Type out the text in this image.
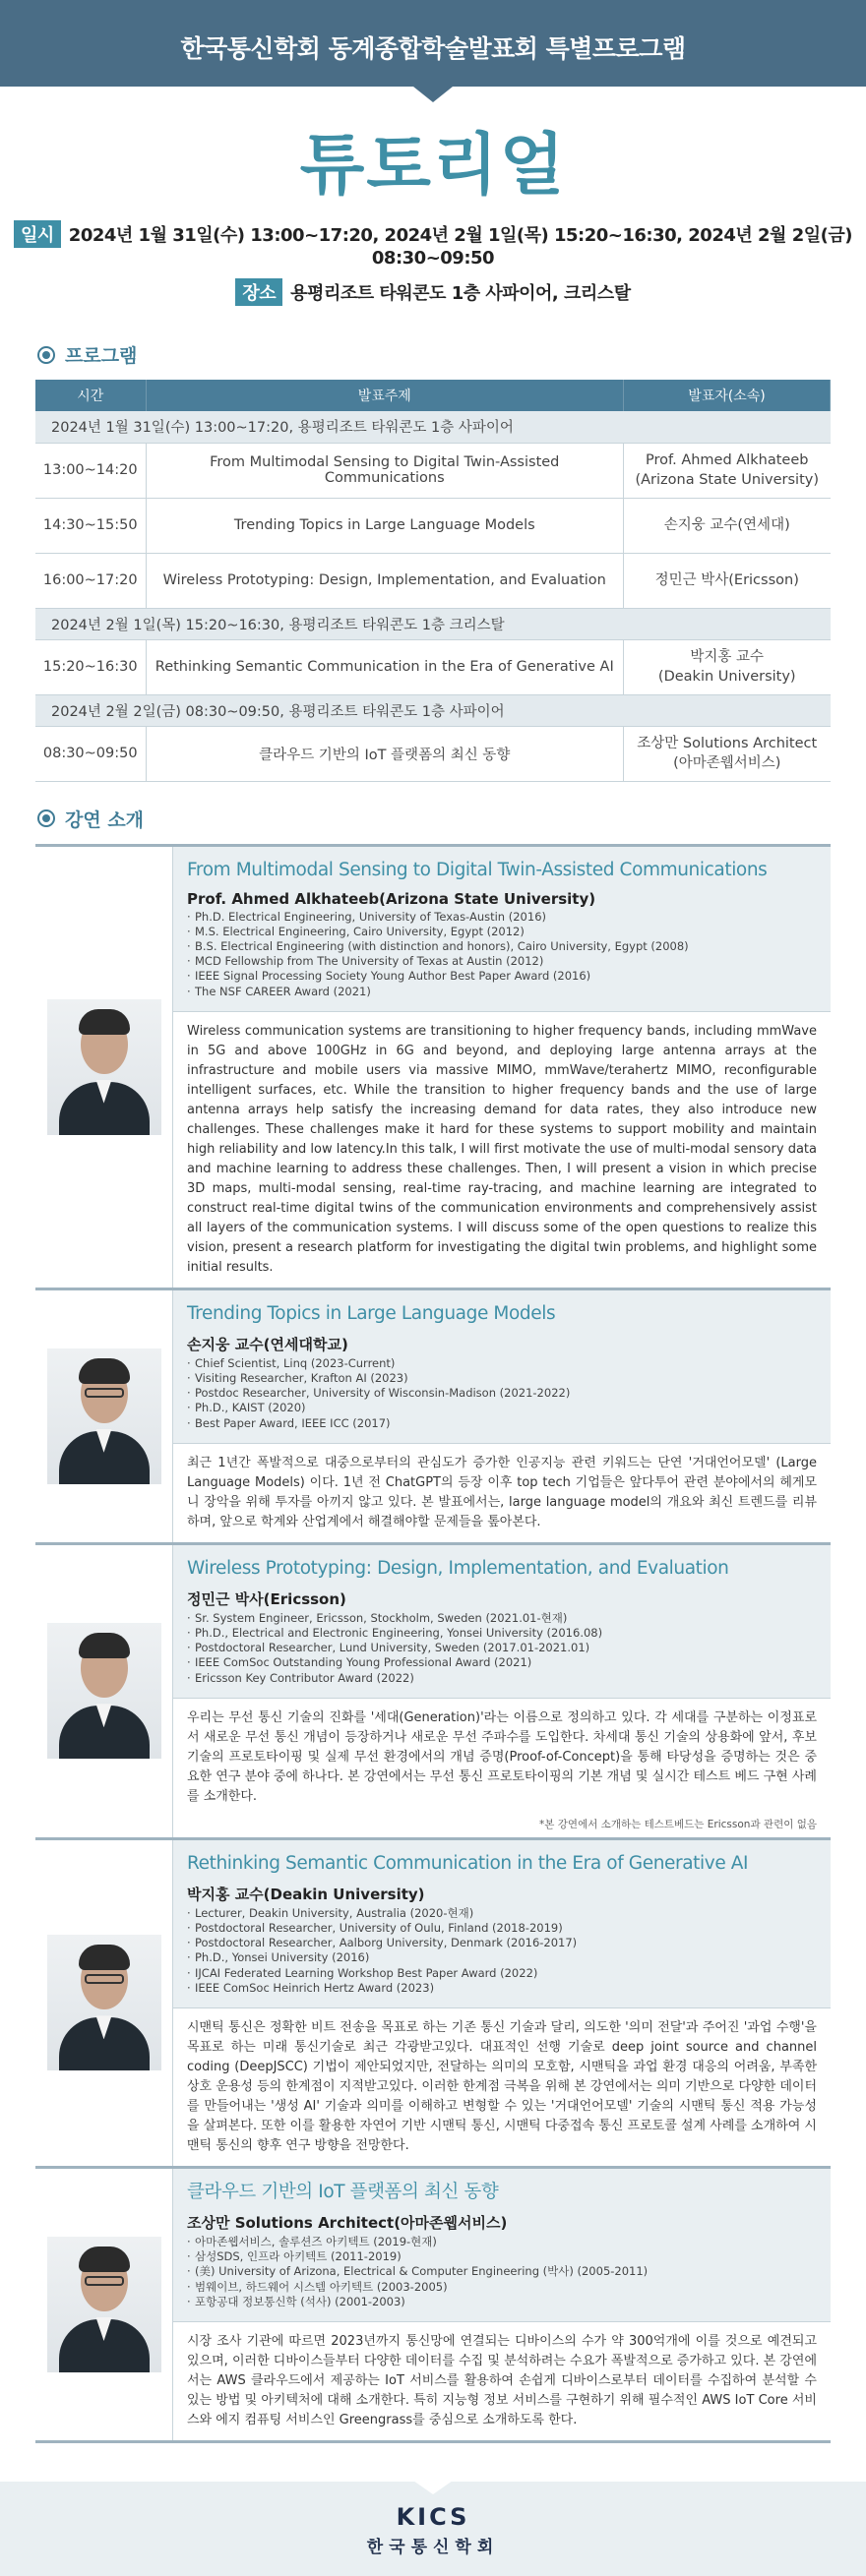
한국통신학회 동계종합학술발표회 특별프로그램
튜토리얼
일시 2024년 1월 31일(수) 13:00~17:20, 2024년 2월 1일(목) 15:20~16:30, 2024년 2월 2일(금) 08:30~09:50
장소 용평리조트 타워콘도 1층 사파이어, 크리스탈
프로그램
시간	발표주제	발표자(소속)
2024년 1월 31일(수) 13:00~17:20, 용평리조트 타워콘도 1층 사파이어		
13:00~14:20	From Multimodal Sensing to Digital Twin-Assisted Communications	Prof. Ahmed Alkhateeb
(Arizona State University)

14:30~15:50	Trending Topics in Large Language Models	손지웅 교수(연세대)

16:00~17:20	Wireless Prototyping: Design, Implementation, and Evaluation	정민근 박사(Ericsson)

2024년 2월 1일(목) 15:20~16:30, 용평리조트 타워콘도 1층 크리스탈		
15:20~16:30	Rethinking Semantic Communication in the Era of Generative AI	박지홍 교수
(Deakin University)

2024년 2월 2일(금) 08:30~09:50, 용평리조트 타워콘도 1층 사파이어		
08:30~09:50	클라우드 기반의 IoT 플랫폼의 최신 동향	조상만 Solutions Architect
(아마존웹서비스)
강연 소개
From Multimodal Sensing to Digital Twin-Assisted Communications
Prof. Ahmed Alkhateeb(Arizona State University)
· Ph.D. Electrical Engineering, University of Texas-Austin (2016)
· M.S. Electrical Engineering, Cairo University, Egypt (2012)
· B.S. Electrical Engineering (with distinction and honors), Cairo University, Egypt (2008)
· MCD Fellowship from The University of Texas at Austin (2012)
· IEEE Signal Processing Society Young Author Best Paper Award (2016)
· The NSF CAREER Award (2021)
Wireless communication systems are transitioning to higher frequency bands, including mmWave in 5G and above 100GHz in 6G and beyond, and deploying large antenna arrays at the infrastructure and mobile users via massive MIMO, mmWave/terahertz MIMO, reconfigurable intelligent surfaces, etc. While the transition to higher frequency bands and the use of large antenna arrays help satisfy the increasing demand for data rates, they also introduce new challenges. These challenges make it hard for these systems to support mobility and maintain high reliability and low latency.In this talk, I will first motivate the use of multi-modal sensory data and machine learning to address these challenges. Then, I will present a vision in which precise 3D maps, multi-modal sensing, real-time ray-tracing, and machine learning are integrated to construct real-time digital twins of the communication environments and comprehensively assist all layers of the communication systems. I will discuss some of the open questions to realize this vision, present a research platform for investigating the digital twin problems, and highlight some initial results.
Trending Topics in Large Language Models
손지웅 교수(연세대학교)
· Chief Scientist, Linq (2023-Current)
· Visiting Researcher, Krafton AI (2023)
· Postdoc Researcher, University of Wisconsin-Madison (2021-2022)
· Ph.D., KAIST (2020)
· Best Paper Award, IEEE ICC (2017)
최근 1년간 폭발적으로 대중으로부터의 관심도가 증가한 인공지능 관련 키워드는 단연 '거대언어모델' (Large Language Models) 이다. 1년 전 ChatGPT의 등장 이후 top tech 기업들은 앞다투어 관련 분야에서의 헤게모니 장악을 위해 투자를 아끼지 않고 있다. 본 발표에서는, large language model의 개요와 최신 트렌드를 리뷰하며, 앞으로 학계와 산업계에서 해결해야할 문제들을 톺아본다.
Wireless Prototyping: Design, Implementation, and Evaluation
정민근 박사(Ericsson)
· Sr. System Engineer, Ericsson, Stockholm, Sweden (2021.01-현재)
· Ph.D., Electrical and Electronic Engineering, Yonsei University (2016.08)
· Postdoctoral Researcher, Lund University, Sweden (2017.01-2021.01)
· IEEE ComSoc Outstanding Young Professional Award (2021)
· Ericsson Key Contributor Award (2022)
우리는 무선 통신 기술의 진화를 '세대(Generation)'라는 이름으로 정의하고 있다. 각 세대를 구분하는 이정표로서 새로운 무선 통신 개념이 등장하거나 새로운 무선 주파수를 도입한다. 차세대 통신 기술의 상용화에 앞서, 후보 기술의 프로토타이핑 및 실제 무선 환경에서의 개념 증명(Proof-of-Concept)을 통해 타당성을 증명하는 것은 중요한 연구 분야 중에 하나다. 본 강연에서는 무선 통신 프로토타이핑의 기본 개념 및 실시간 테스트 베드 구현 사례를 소개한다.
*본 강연에서 소개하는 테스트베드는 Ericsson과 관련이 없음
Rethinking Semantic Communication in the Era of Generative AI
박지홍 교수(Deakin University)
· Lecturer, Deakin University, Australia (2020-현재)
· Postdoctoral Researcher, University of Oulu, Finland (2018-2019)
· Postdoctoral Researcher, Aalborg University, Denmark (2016-2017)
· Ph.D., Yonsei University (2016)
· IJCAI Federated Learning Workshop Best Paper Award (2022)
· IEEE ComSoc Heinrich Hertz Award (2023)
시맨틱 통신은 정확한 비트 전송을 목표로 하는 기존 통신 기술과 달리, 의도한 '의미 전달'과 주어진 '과업 수행'을 목표로 하는 미래 통신기술로 최근 각광받고있다. 대표적인 선행 기술로 deep joint source and channel coding (DeepJSCC) 기법이 제안되었지만, 전달하는 의미의 모호함, 시맨틱을 과업 환경 대응의 어려움, 부족한 상호 운용성 등의 한계점이 지적받고있다. 이러한 한계점 극복을 위해 본 강연에서는 의미 기반으로 다양한 데이터를 만들어내는 '생성 AI' 기술과 의미를 이해하고 변형할 수 있는 '거대언어모델' 기술의 시맨틱 통신 적용 가능성을 살펴본다. 또한 이를 활용한 자연어 기반 시맨틱 통신, 시맨틱 다중접속 통신 프로토콜 설계 사례를 소개하여 시맨틱 통신의 향후 연구 방향을 전망한다.
클라우드 기반의 IoT 플랫폼의 최신 동향
조상만 Solutions Architect(아마존웹서비스)
· 아마존웹서비스, 솔루션즈 아키텍트 (2019-현재)
· 삼성SDS, 인프라 아키텍트 (2011-2019)
· (美) University of Arizona, Electrical & Computer Engineering (박사) (2005-2011)
· 범웨이브, 하드웨어 시스템 아키텍트 (2003-2005)
· 포항공대 정보통신학 (석사) (2001-2003)
시장 조사 기관에 따르면 2023년까지 통신망에 연결되는 디바이스의 수가 약 300억개에 이를 것으로 예견되고 있으며, 이러한 디바이스들부터 다양한 데이터를 수집 및 분석하려는 수요가 폭발적으로 증가하고 있다. 본 강연에서는 AWS 클라우드에서 제공하는 IoT 서비스를 활용하여 손쉽게 디바이스로부터 데이터를 수집하여 분석할 수 있는 방법 및 아키텍처에 대해 소개한다. 특히 지능형 정보 서비스를 구현하기 위해 필수적인 AWS IoT Core 서비스와 에지 컴퓨팅 서비스인 Greengrass를 중심으로 소개하도록 한다.
KICS
한국통신학회
